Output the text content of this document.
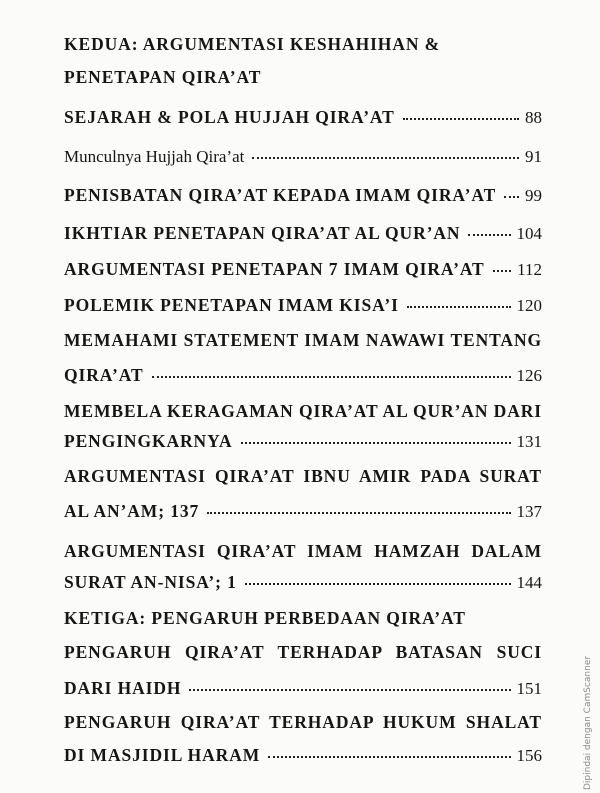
KEDUA: ARGUMENTASI KESHAHIHAN &
PENETAPAN QIRA’AT
SEJARAH & POLA HUJJAH QIRA’AT	88
Munculnya Hujjah Qira’at	91
PENISBATAN QIRA’AT KEPADA IMAM QIRA’AT 99
IKHTIAR PENETAPAN QIRA’AT AL QUR’AN	104
ARGUMENTASI PENETAPAN 7 IMAM QIRA’AT 112
POLEMIK PENETAPAN IMAM KISA’I	120
MEMAHAMI STATEMENT IMAM NAWAWI TENTANG
QIRA’AT	126
MEMBELA KERAGAMAN QIRA’AT AL QUR’AN DARI
PENGINGKARNYA	131
ARGUMENTASI QIRA’AT IBNU AMIR PADA SURAT
AL AN’AM; 137	137
ARGUMENTASI QIRA’AT IMAM HAMZAH DALAM
SURAT AN-NISA’; 1	144
KETIGA: PENGARUH PERBEDAAN QIRA’AT
PENGARUH QIRA’AT TERHADAP BATASAN SUCI
DARI HAIDH	151
PENGARUH QIRA’AT TERHADAP HUKUM SHALAT
DI MASJIDIL HARAM	156	Dipindai dengan CamScanner
